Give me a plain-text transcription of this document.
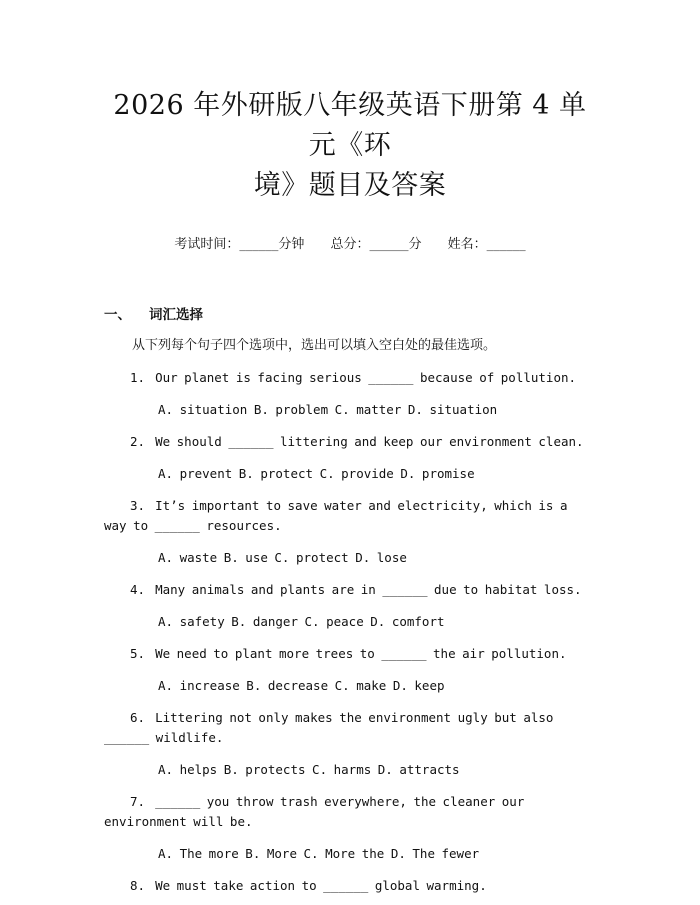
2026 年外研版八年级英语下册第 4 单元《环
境》题目及答案
考试时间：______分钟 总分：______分 姓名：______
一、 词汇选择
从下列每个句子四个选项中，选出可以填入空白处的最佳选项。
1. Our planet is facing serious ______ because of pollution.
A. situation B. problem C. matter D. situation
2. We should ______ littering and keep our environment clean.
A. prevent B. protect C. provide D. promise
3. It’s important to save water and electricity, which is a way to ______ resources.
A. waste B. use C. protect D. lose
4. Many animals and plants are in ______ due to habitat loss.
A. safety B. danger C. peace D. comfort
5. We need to plant more trees to ______ the air pollution.
A. increase B. decrease C. make D. keep
6. Littering not only makes the environment ugly but also ______ wildlife.
A. helps B. protects C. harms D. attracts
7. ______ you throw trash everywhere, the cleaner our environment will be.
A. The more B. More C. More the D. The fewer
8. We must take action to ______ global warming.
